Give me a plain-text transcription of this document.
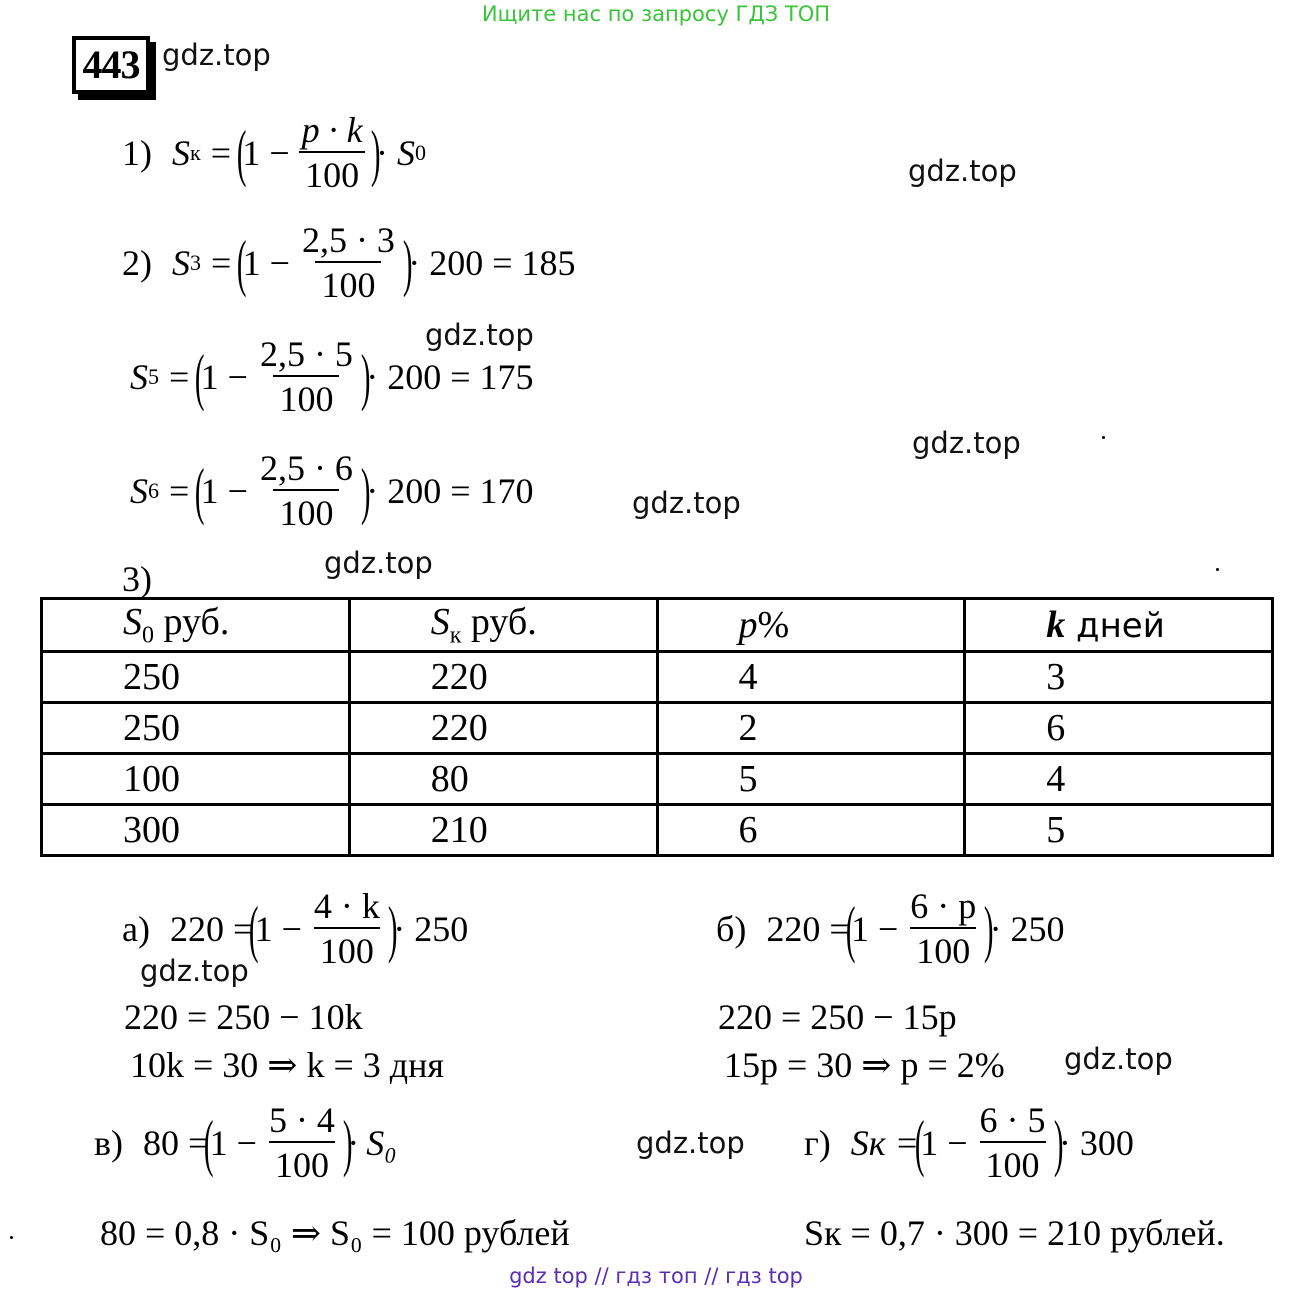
Ищите нас по запросу ГДЗ ТОП
443 gdz.top
gdz.top
gdz.top
gdz.top
gdz.top
gdz.top
gdz.top
gdz.top
gdz.top
1) S к = (
$1 - \frac{p \cdot k}{100}$ )
· S 0
2) S 3 = (
$1 - \frac{2,5 \cdot 3}{100}$ )
· 200 = 185
S 5 = (
$1 - \frac{2,5 \cdot 5}{100}$ )
· 200 = 175
S 6 = (
$1 - \frac{2,5 \cdot 6}{100}$ )
· 200 = 170
3)
$S_0$ руб.	$S_к$ руб.	p%	k дней
250	220	4	3
250	220	2	6
100	80	5	4
300	210	6	5
а) 220 =
(
$1 - \frac{4 \cdot k}{100}$ )
· 250
220 = 250 − 10k
10k = 30 ⇒ k = 3 дня
б) 220 =
(
$1 - \frac{6 \cdot p}{100}$ )
· 250
220 = 250 − 15p
15p = 30 ⇒ p = 2%
в) 80 =
(
$1 - \frac{5 \cdot 4}{100}$ )
· S₀
80 = 0,8 · S₀ ⇒ S₀ = 100 рублей
г) Sк =
(
$1 - \frac{6 \cdot 5}{100}$ )
· 300
Sк = 0,7 · 300 = 210 рублей.
gdz top // гдз топ // гдз top
